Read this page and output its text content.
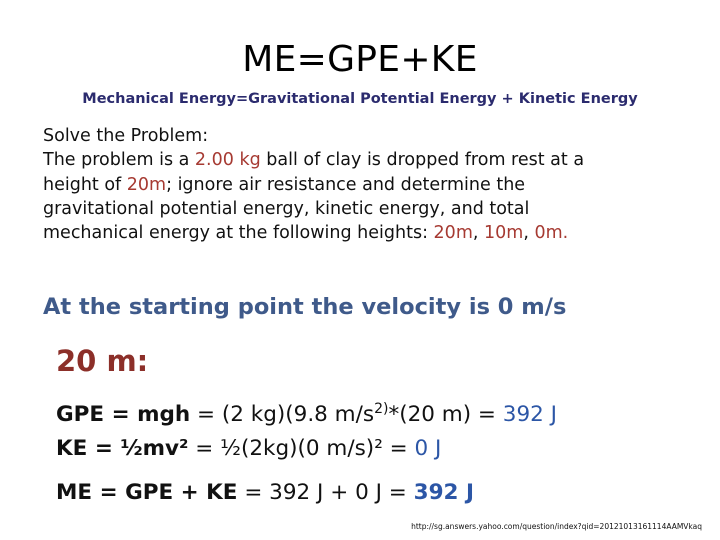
ME=GPE+KE
Mechanical Energy=Gravitational Potential Energy + Kinetic Energy
Solve the Problem:
The problem is a 2.00 kg ball of clay is dropped from rest at a
height of 20m; ignore air resistance and determine the
gravitational potential energy, kinetic energy, and total
mechanical energy at the following heights: 20m, 10m, 0m.
At the starting point the velocity is 0 m/s
20 m:
GPE = mgh = (2 kg)(9.8 $m/s^{2)}*(20$ m) = 392 J
KE = ½mv² = ½(2kg)(0 m/s)² = 0 J
ME = GPE + KE = 392 J + 0 J = 392 J
http://sg.answers.yahoo.com/question/index?qid=20121013161114AAMVkaq
